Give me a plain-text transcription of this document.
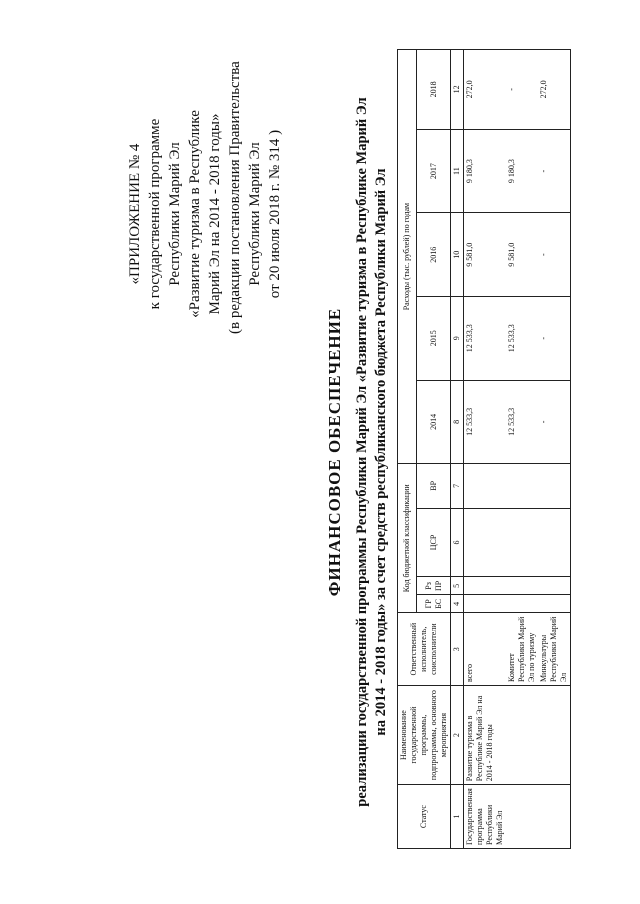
«ПРИЛОЖЕНИЕ № 4 к государственной программе Республики Марий Эл «Развитие туризма в Республике Марий Эл на 2014 - 2018 годы» (в редакции постановления Правительства Республики Марий Эл от 20 июля 2018 г. № 314 )
ФИНАНСОВОЕ ОБЕСПЕЧЕНИЕ реализации государственной программы Республики Марий Эл «Развитие туризма в Республике Марий Эл на 2014 - 2018 годы» за счет средств республиканского бюджета Республики Марий Эл
Статус	Наименование государственной программы, подпрограммы, основного мероприятия	Ответственный исполнитель, соисполнители	Код бюджетной классификации				Расходы (тыс. рублей) по годам				
			ГР БС	Рз ПР	ЦСР	ВР	2014	2015	2016	2017	2018
1	2	3	4	5	6	7	8	9	10	11	12
Государственная программа Республики Марий Эл	Развитие туризма в Республике Марий Эл на 2014 - 2018 годы	всего					12 533,3	12 533,3	9 581,0	9 180,3	272,0
		Комитет Республики Марий Эл по туризму					12 533,3	12 533,3	9 581,0	9 180,3	-
		Минкультуры Республики Марий Эл					-	-	-	-	272,0
